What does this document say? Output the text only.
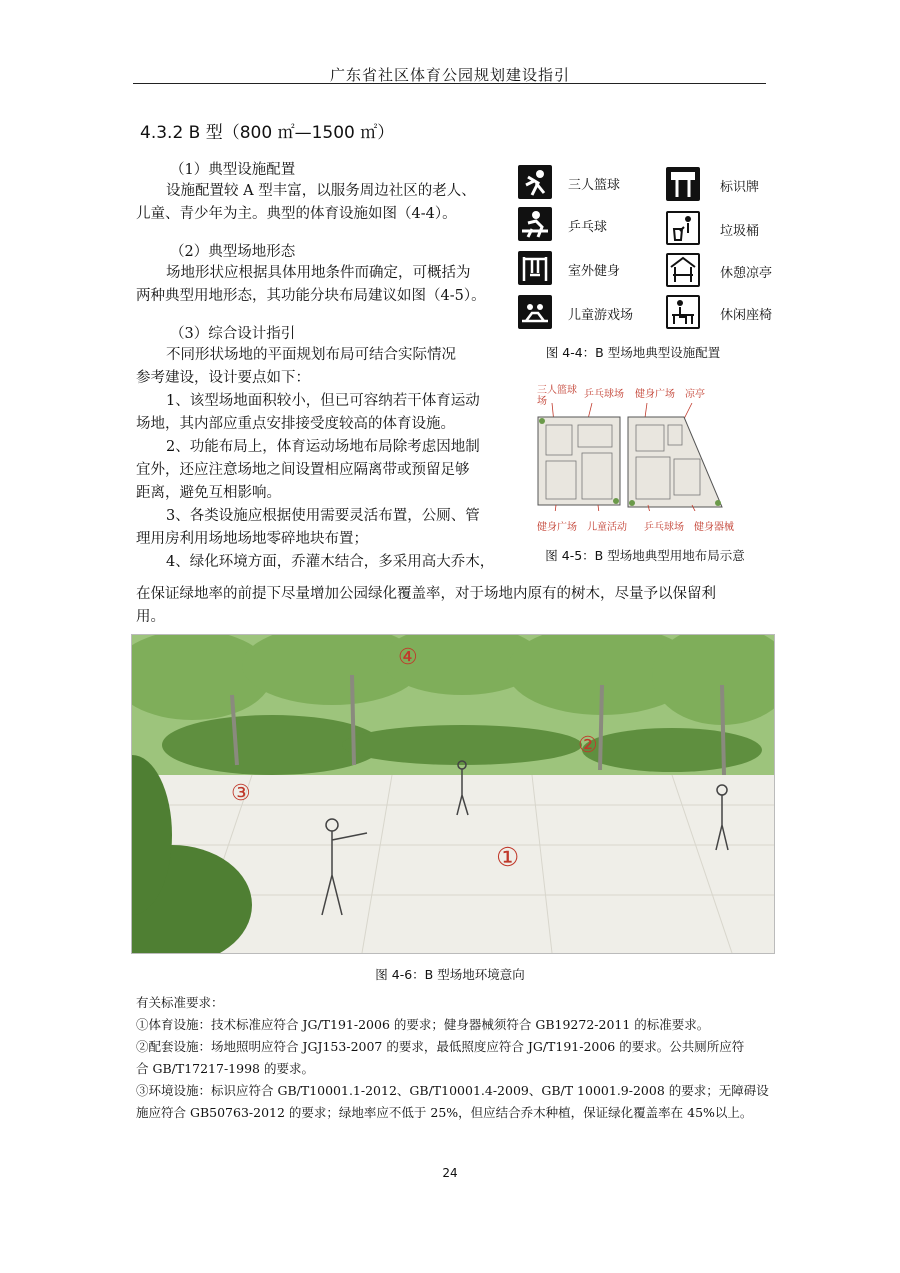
广东省社区体育公园规划建设指引
4.3.2 B 型（800 ㎡—1500 ㎡）
（1）典型设施配置
设施配置较 A 型丰富，以服务周边社区的老人、
儿童、青少年为主。典型的体育设施如图（4-4）。
（2）典型场地形态
场地形状应根据具体用地条件而确定，可概括为
两种典型用地形态，其功能分块布局建议如图（4-5）。
（3）综合设计指引
不同形状场地的平面规划布局可结合实际情况
参考建设，设计要点如下：
1、该型场地面积较小，但已可容纳若干体育运动
场地，其内部应重点安排接受度较高的体育设施。
2、功能布局上，体育运动场地布局除考虑因地制
宜外，还应注意场地之间设置相应隔离带或预留足够
距离，避免互相影响。
3、各类设施应根据使用需要灵活布置，公厕、管
理用房利用场地场地零碎地块布置；
4、绿化环境方面，乔灌木结合，多采用高大乔木，
在保证绿地率的前提下尽量增加公园绿化覆盖率，对于场地内原有的树木，尽量予以保留利
用。
三人篮球
乒乓球
室外健身
儿童游戏场
标识牌
垃圾桶
休憩凉亭
休闲座椅
图 4-4：B 型场地典型设施配置
三人篮球场
乒乓球场 健身广场 凉亭
健身广场 儿童活动 乒乓球场 健身器械
图 4-5：B 型场地典型用地布局示意
④
③
①
②
图 4-6：B 型场地环境意向
有关标准要求：
①体育设施：技术标准应符合 JG/T191-2006 的要求；健身器械须符合 GB19272-2011 的标准要求。
②配套设施：场地照明应符合 JGJ153-2007 的要求，最低照度应符合 JG/T191-2006 的要求。公共厕所应符
合 GB/T17217-1998 的要求。
③环境设施：标识应符合 GB/T10001.1-2012、GB/T10001.4-2009、GB/T 10001.9-2008 的要求；无障碍设
施应符合 GB50763-2012 的要求；绿地率应不低于 25%，但应结合乔木种植，保证绿化覆盖率在 45%以上。
24
